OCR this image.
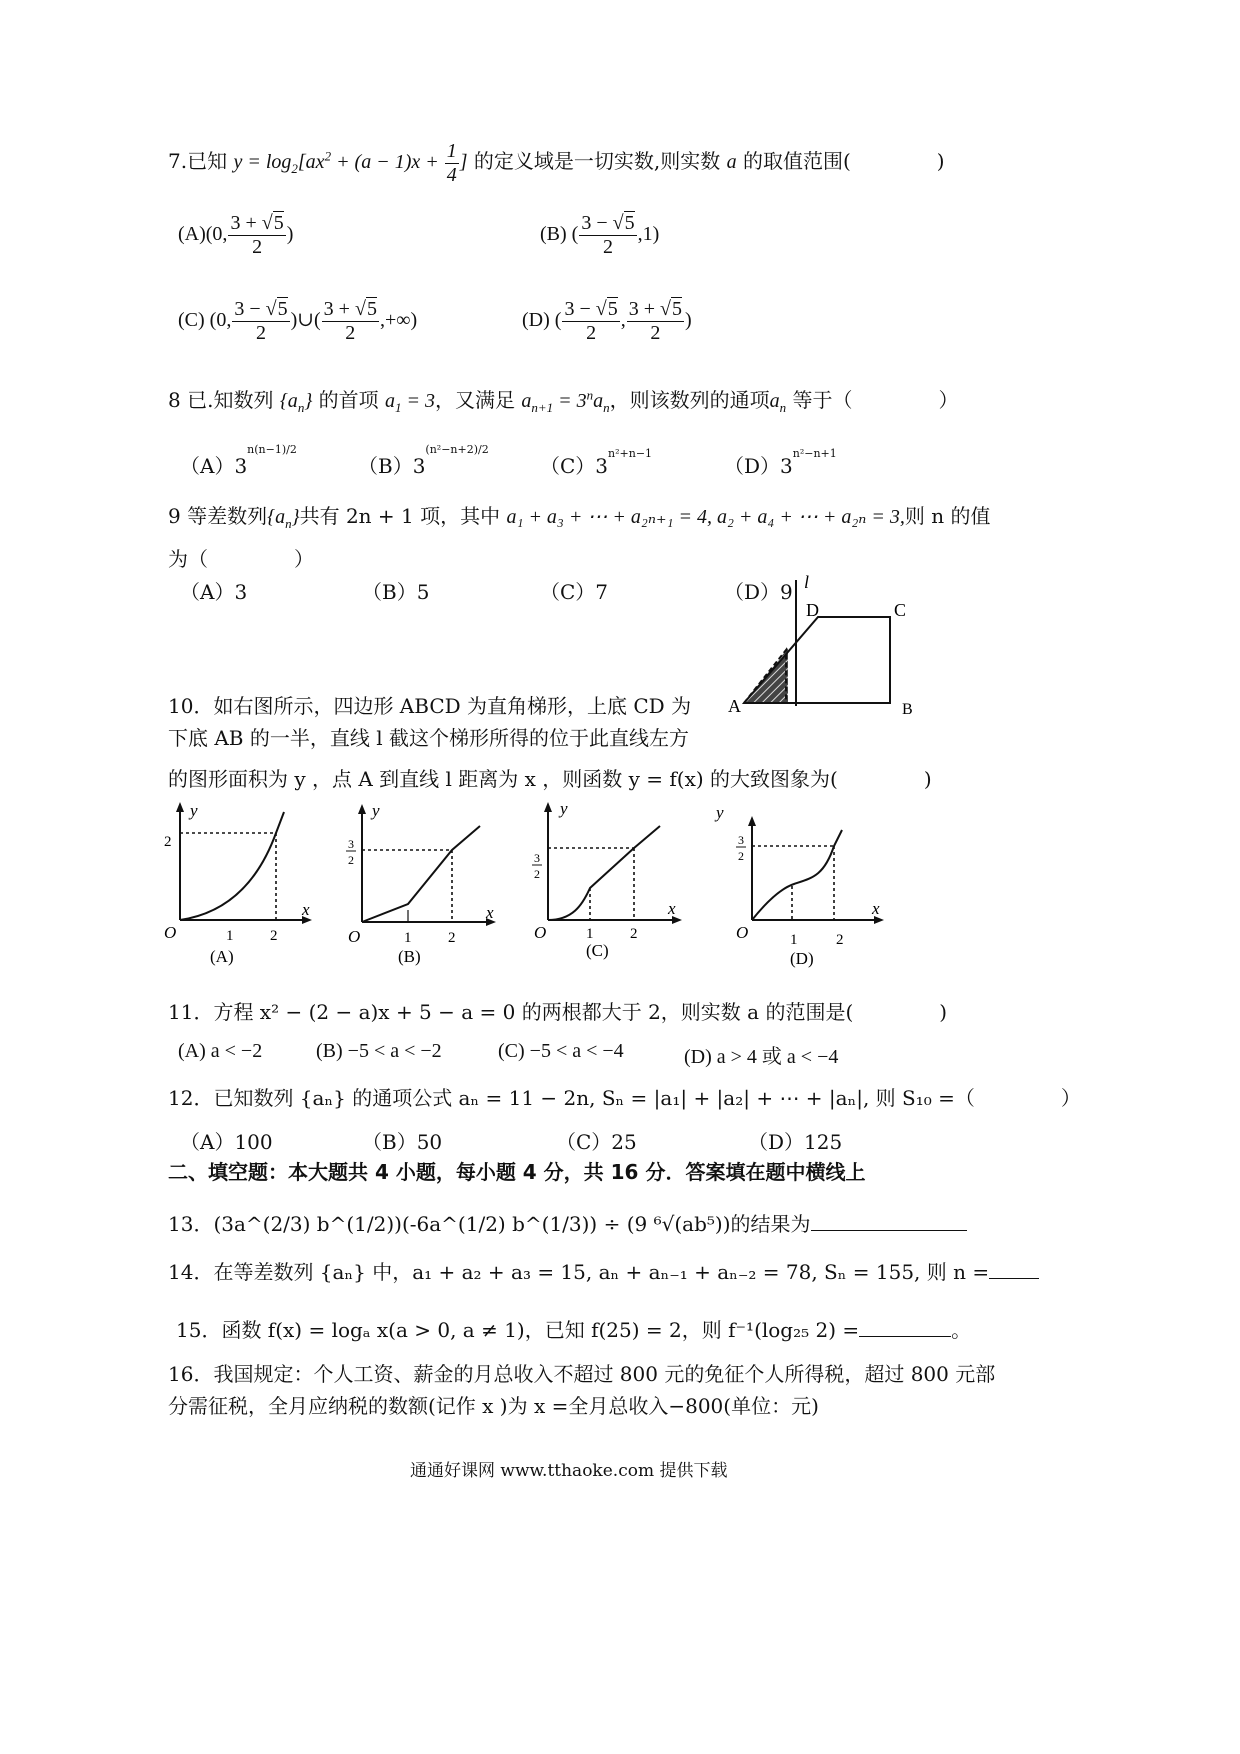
7.已知 $y = \log_2[ax^2 + (a - 1)x + \frac{1}{4}$ ] 的定义域是一切实数,则实数 a 的取值范围(	)
(A)(0, $\frac{3 + √5}{2}$ )	(B) ( $\frac{3 - √5}{2} ,1$)
(C) (0, $\frac{3 - √5}{2}$ )∪( $\frac{3 + √5}{2}$ ,+∞)	(D) ( $\frac{3 - √5}{2}$ , $\frac{3 + √5}{2}$ )
8 已.知数列 $\{a_n\}$ 的首项 $a_1 = 3$，又满足 $a_{n+1} = 3^na_n$，则该数列的通项$a_n$ 等于（	）
$(A)3^{n(n-1)/2}$
$(B)3^{(n^2-n+2)/2}$
$(C)3^{n^2+n-1}$
$(D)3^{n^2-n+1}$
9 等差数列$\{a_n\}$共有 2n + 1 项，其中 a₁ + a₃ + ⋯ + a₂ₙ₊₁ = 4, a₂ + a₄ + ⋯ + a₂ₙ = 3,则 n 的值
为（	）
（A）3	（B）5	（C）7	（D）9 l
D	C
A	B
10．如右图所示，四边形 ABCD 为直角梯形，上底 CD 为
下底 AB 的一半，直线 l 截这个梯形所得的位于此直线左方
的图形面积为 y ，点 A 到直线 l 距离为 x ，则函数 y = f(x) 的大致图象为(	)
y
x
O
2
1 2
(A)
y
x
O
3
2
1 2
(B)
y
x
O
3
2
1 2
(C)
y
x
O
3
2
1	2
(D)
11．方程 x² − (2 − a)x + 5 − a = 0 的两根都大于 2，则实数 a 的范围是(	)
(A) a < −2	(B) −5 < a < −2	(C) −5 < a < −4	(D) a > 4 或 a < −4
12．已知数列 {aₙ} 的通项公式 aₙ = 11 − 2n, Sₙ = |a₁| + |a₂| + ⋯ + |aₙ|, 则 S₁₀ =（	）
（A）100	（B）50	（C）25	（D）125
二、填空题：本大题共 4 小题，每小题 4 分，共 16 分．答案填在题中横线上
13．(3a^(2/3) b^(1/2))(-6a^(1/2) b^(1/3)) ÷ (9 ⁶√(ab⁵))的结果为
14．在等差数列 {aₙ} 中，a₁ + a₂ + a₃ = 15, aₙ + aₙ₋₁ + aₙ₋₂ = 78, Sₙ = 155, 则 n =
15．函数 f(x) = logₐ x(a > 0, a ≠ 1)，已知 f(25) = 2，则 f⁻¹(log₂₅ 2) =	。
16．我国规定：个人工资、薪金的月总收入不超过 800 元的免征个人所得税，超过 800 元部
分需征税，全月应纳税的数额(记作 x )为 x =全月总收入−800(单位：元)
通通好课网 www.tthaoke.com 提供下载
